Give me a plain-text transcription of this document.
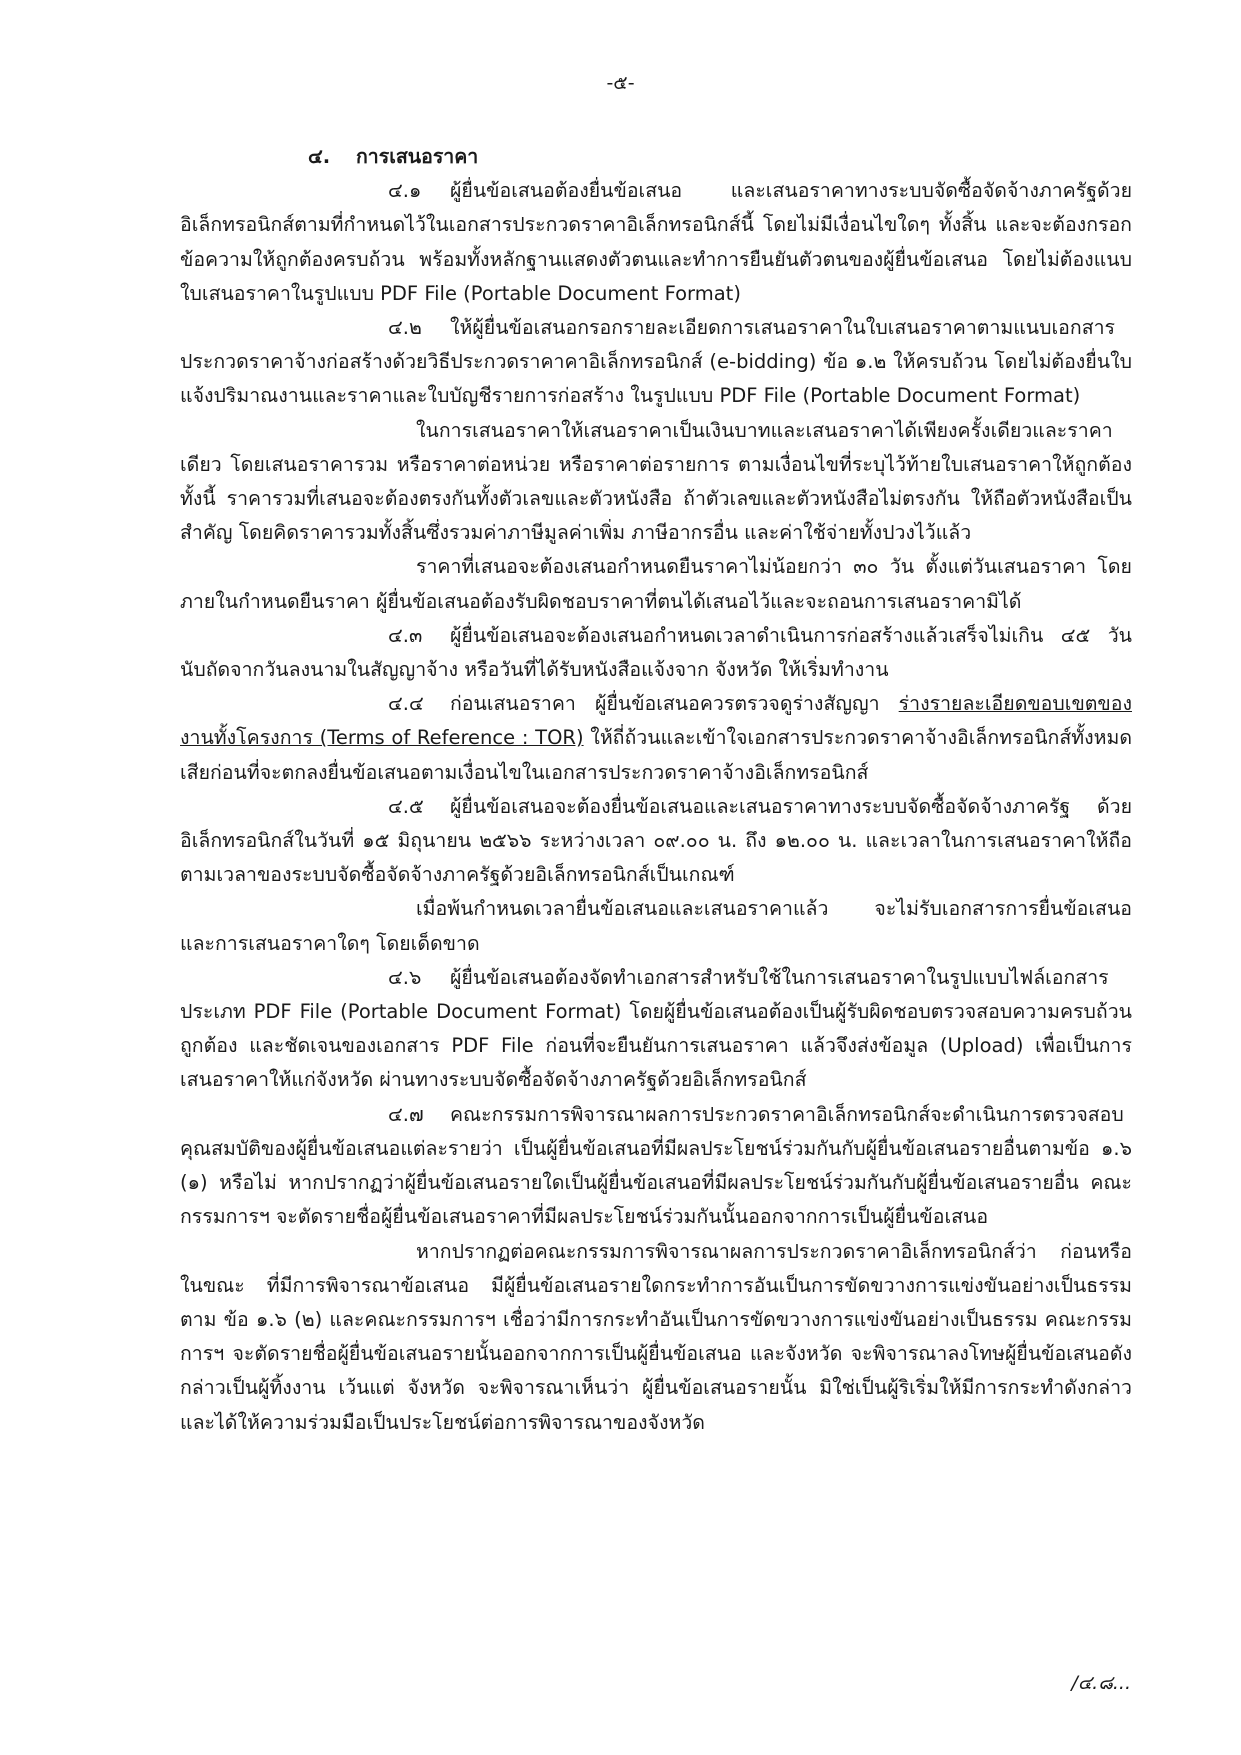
-๕-
๔. การเสนอราคา

๔.๑ ผู้ยื่นข้อเสนอต้องยื่นข้อเสนอ และเสนอราคาทางระบบจัดซื้อจัดจ้างภาครัฐด้วยอิเล็กทรอนิกส์ตามที่กำหนดไว้ในเอกสารประกวดราคาอิเล็กทรอนิกส์นี้ โดยไม่มีเงื่อนไขใดๆ ทั้งสิ้น และจะต้องกรอกข้อความให้ถูกต้องครบถ้วน พร้อมทั้งหลักฐานแสดงตัวตนและทำการยืนยันตัวตนของผู้ยื่นข้อเสนอ โดยไม่ต้องแนบใบเสนอราคาในรูปแบบ PDF File (Portable Document Format)

๔.๒ ให้ผู้ยื่นข้อเสนอกรอกรายละเอียดการเสนอราคาในใบเสนอราคาตามแนบเอกสารประกวดราคาจ้างก่อสร้างด้วยวิธีประกวดราคาคาอิเล็กทรอนิกส์ (e-bidding) ข้อ ๑.๒ ให้ครบถ้วน โดยไม่ต้องยื่นใบแจ้งปริมาณงานและราคาและใบบัญชีรายการก่อสร้าง ในรูปแบบ PDF File (Portable Document Format)

ในการเสนอราคาให้เสนอราคาเป็นเงินบาทและเสนอราคาได้เพียงครั้งเดียวและราคาเดียว โดยเสนอราคารวม หรือราคาต่อหน่วย หรือราคาต่อรายการ ตามเงื่อนไขที่ระบุไว้ท้ายใบเสนอราคาให้ถูกต้อง ทั้งนี้ ราคารวมที่เสนอจะต้องตรงกันทั้งตัวเลขและตัวหนังสือ ถ้าตัวเลขและตัวหนังสือไม่ตรงกัน ให้ถือตัวหนังสือเป็นสำคัญ โดยคิดราคารวมทั้งสิ้นซึ่งรวมค่าภาษีมูลค่าเพิ่ม ภาษีอากรอื่น และค่าใช้จ่ายทั้งปวงไว้แล้ว

ราคาที่เสนอจะต้องเสนอกำหนดยืนราคาไม่น้อยกว่า ๓๐ วัน ตั้งแต่วันเสนอราคา โดยภายในกำหนดยืนราคา ผู้ยื่นข้อเสนอต้องรับผิดชอบราคาที่ตนได้เสนอไว้และจะถอนการเสนอราคามิได้

๔.๓ ผู้ยื่นข้อเสนอจะต้องเสนอกำหนดเวลาดำเนินการก่อสร้างแล้วเสร็จไม่เกิน ๔๕ วัน นับถัดจากวันลงนามในสัญญาจ้าง หรือวันที่ได้รับหนังสือแจ้งจาก จังหวัด ให้เริ่มทำงาน

๔.๔ ก่อนเสนอราคา ผู้ยื่นข้อเสนอควรตรวจดูร่างสัญญา ร่างรายละเอียดขอบเขตของงานทั้งโครงการ (Terms of Reference : TOR) ให้ถี่ถ้วนและเข้าใจเอกสารประกวดราคาจ้างอิเล็กทรอนิกส์ทั้งหมดเสียก่อนที่จะตกลงยื่นข้อเสนอตามเงื่อนไขในเอกสารประกวดราคาจ้างอิเล็กทรอนิกส์

๔.๕ ผู้ยื่นข้อเสนอจะต้องยื่นข้อเสนอและเสนอราคาทางระบบจัดซื้อจัดจ้างภาครัฐ ด้วยอิเล็กทรอนิกส์ในวันที่ ๑๕ มิถุนายน ๒๕๖๖ ระหว่างเวลา ๐๙.๐๐ น. ถึง ๑๒.๐๐ น. และเวลาในการเสนอราคาให้ถือตามเวลาของระบบจัดซื้อจัดจ้างภาครัฐด้วยอิเล็กทรอนิกส์เป็นเกณฑ์

เมื่อพ้นกำหนดเวลายื่นข้อเสนอและเสนอราคาแล้ว จะไม่รับเอกสารการยื่นข้อเสนอ และการเสนอราคาใดๆ โดยเด็ดขาด

๔.๖ ผู้ยื่นข้อเสนอต้องจัดทำเอกสารสำหรับใช้ในการเสนอราคาในรูปแบบไฟล์เอกสารประเภท PDF File (Portable Document Format) โดยผู้ยื่นข้อเสนอต้องเป็นผู้รับผิดชอบตรวจสอบความครบถ้วน ถูกต้อง และชัดเจนของเอกสาร PDF File ก่อนที่จะยืนยันการเสนอราคา แล้วจึงส่งข้อมูล (Upload) เพื่อเป็นการเสนอราคาให้แก่จังหวัด ผ่านทางระบบจัดซื้อจัดจ้างภาครัฐด้วยอิเล็กทรอนิกส์

๔.๗ คณะกรรมการพิจารณาผลการประกวดราคาอิเล็กทรอนิกส์จะดำเนินการตรวจสอบคุณสมบัติของผู้ยื่นข้อเสนอแต่ละรายว่า เป็นผู้ยื่นข้อเสนอที่มีผลประโยชน์ร่วมกันกับผู้ยื่นข้อเสนอรายอื่นตามข้อ ๑.๖ (๑) หรือไม่ หากปรากฏว่าผู้ยื่นข้อเสนอรายใดเป็นผู้ยื่นข้อเสนอที่มีผลประโยชน์ร่วมกันกับผู้ยื่นข้อเสนอรายอื่น คณะกรรมการฯ จะตัดรายชื่อผู้ยื่นข้อเสนอราคาที่มีผลประโยชน์ร่วมกันนั้นออกจากการเป็นผู้ยื่นข้อเสนอ

หากปรากฏต่อคณะกรรมการพิจารณาผลการประกวดราคาอิเล็กทรอนิกส์ว่า ก่อนหรือในขณะ ที่มีการพิจารณาข้อเสนอ มีผู้ยื่นข้อเสนอรายใดกระทำการอันเป็นการขัดขวางการแข่งขันอย่างเป็นธรรม ตาม ข้อ ๑.๖ (๒) และคณะกรรมการฯ เชื่อว่ามีการกระทำอันเป็นการขัดขวางการแข่งขันอย่างเป็นธรรม คณะกรรมการฯ จะตัดรายชื่อผู้ยื่นข้อเสนอรายนั้นออกจากการเป็นผู้ยื่นข้อเสนอ และจังหวัด จะพิจารณาลงโทษผู้ยื่นข้อเสนอดังกล่าวเป็นผู้ทิ้งงาน เว้นแต่ จังหวัด จะพิจารณาเห็นว่า ผู้ยื่นข้อเสนอรายนั้น มิใช่เป็นผู้ริเริ่มให้มีการกระทำดังกล่าวและได้ให้ความร่วมมือเป็นประโยชน์ต่อการพิจารณาของจังหวัด

/๔.๘...
